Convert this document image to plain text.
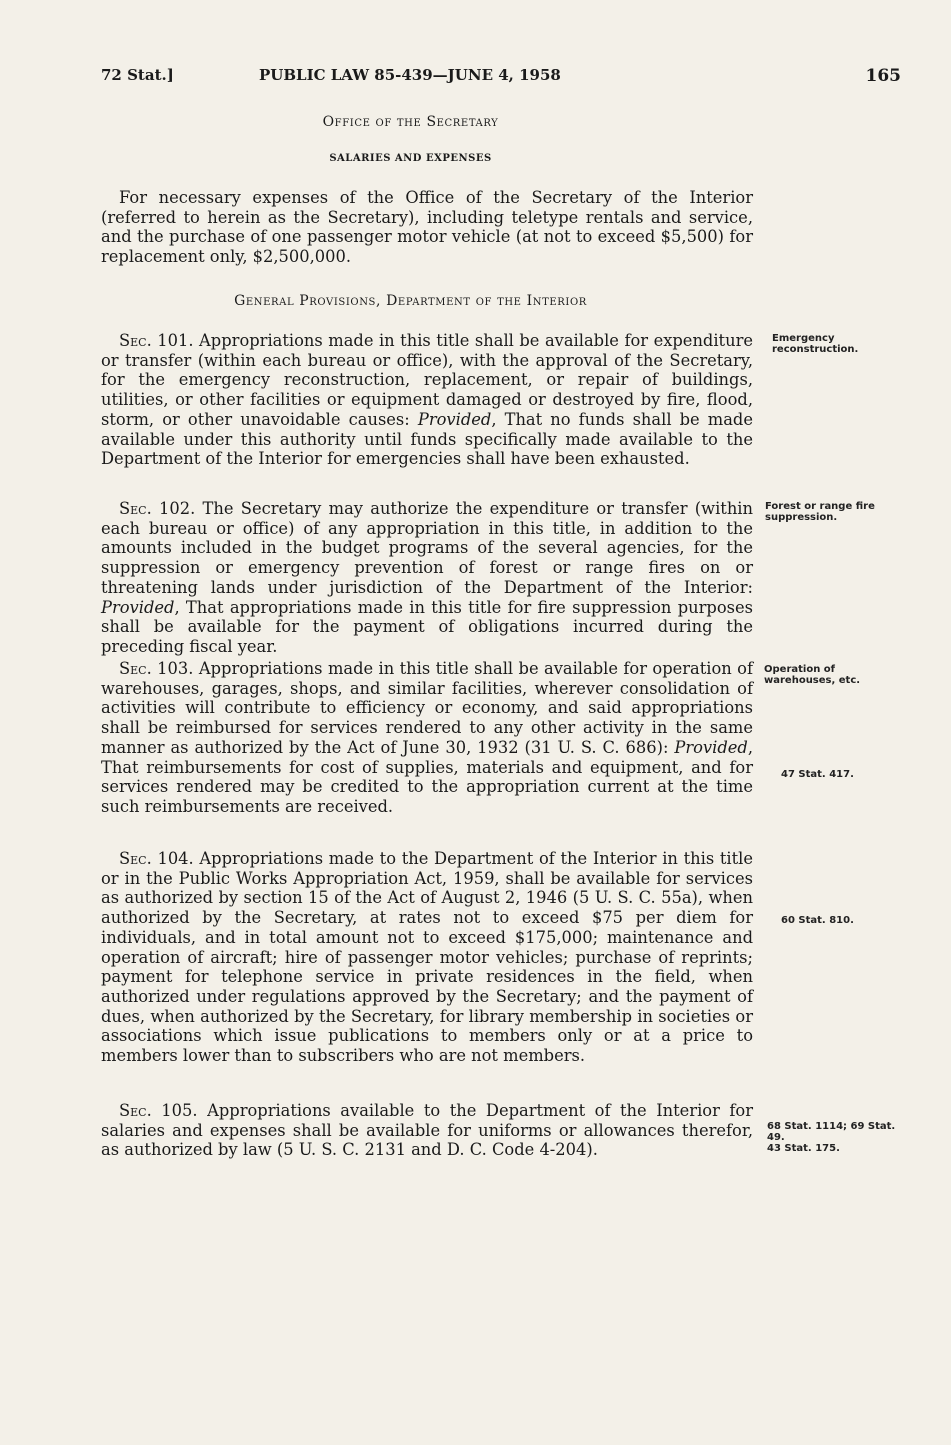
72 Stat.]	PUBLIC LAW 85-439—JUNE 4, 1958	165
Office of the Secretary
SALARIES AND EXPENSES

For necessary expenses of the Office of the Secretary of the Interior (referred to herein as the Secretary), including teletype rentals and service, and the purchase of one passenger motor vehicle (at not to exceed $5,500) for replacement only, $2,500,000.

General Provisions, Department of the Interior

Sec. 101. Appropriations made in this title shall be available for expenditure or transfer (within each bureau or office), with the approval of the Secretary, for the emergency reconstruction, replacement, or repair of buildings, utilities, or other facilities or equipment damaged or destroyed by fire, flood, storm, or other unavoidable causes: Provided, That no funds shall be made available under this authority until funds specifically made available to the Department of the Interior for emergencies shall have been exhausted.

Sec. 102. The Secretary may authorize the expenditure or transfer (within each bureau or office) of any appropriation in this title, in addition to the amounts included in the budget programs of the several agencies, for the suppression or emergency prevention of forest or range fires on or threatening lands under jurisdiction of the Department of the Interior: Provided, That appropriations made in this title for fire suppression purposes shall be available for the payment of obligations incurred during the preceding fiscal year.

Sec. 103. Appropriations made in this title shall be available for operation of warehouses, garages, shops, and similar facilities, wherever consolidation of activities will contribute to efficiency or economy, and said appropriations shall be reimbursed for services rendered to any other activity in the same manner as authorized by the Act of June 30, 1932 (31 U. S. C. 686): Provided, That reimbursements for cost of supplies, materials and equipment, and for services rendered may be credited to the appropriation current at the time such reimbursements are received.

Sec. 104. Appropriations made to the Department of the Interior in this title or in the Public Works Appropriation Act, 1959, shall be available for services as authorized by section 15 of the Act of August 2, 1946 (5 U. S. C. 55a), when authorized by the Secretary, at rates not to exceed $75 per diem for individuals, and in total amount not to exceed $175,000; maintenance and operation of aircraft; hire of passenger motor vehicles; purchase of reprints; payment for telephone service in private residences in the field, when authorized under regulations approved by the Secretary; and the payment of dues, when authorized by the Secretary, for library membership in societies or associations which issue publications to members only or at a price to members lower than to subscribers who are not members.

Sec. 105. Appropriations available to the Department of the Interior for salaries and expenses shall be available for uniforms or allowances therefor, as authorized by law (5 U. S. C. 2131 and D. C. Code 4-204).

Emergency reconstruction.
Forest or range fire suppression.
Operation of warehouses, etc.
47 Stat. 417.
60 Stat. 810.
68 Stat. 1114; 69 Stat. 49.
43 Stat. 175.
